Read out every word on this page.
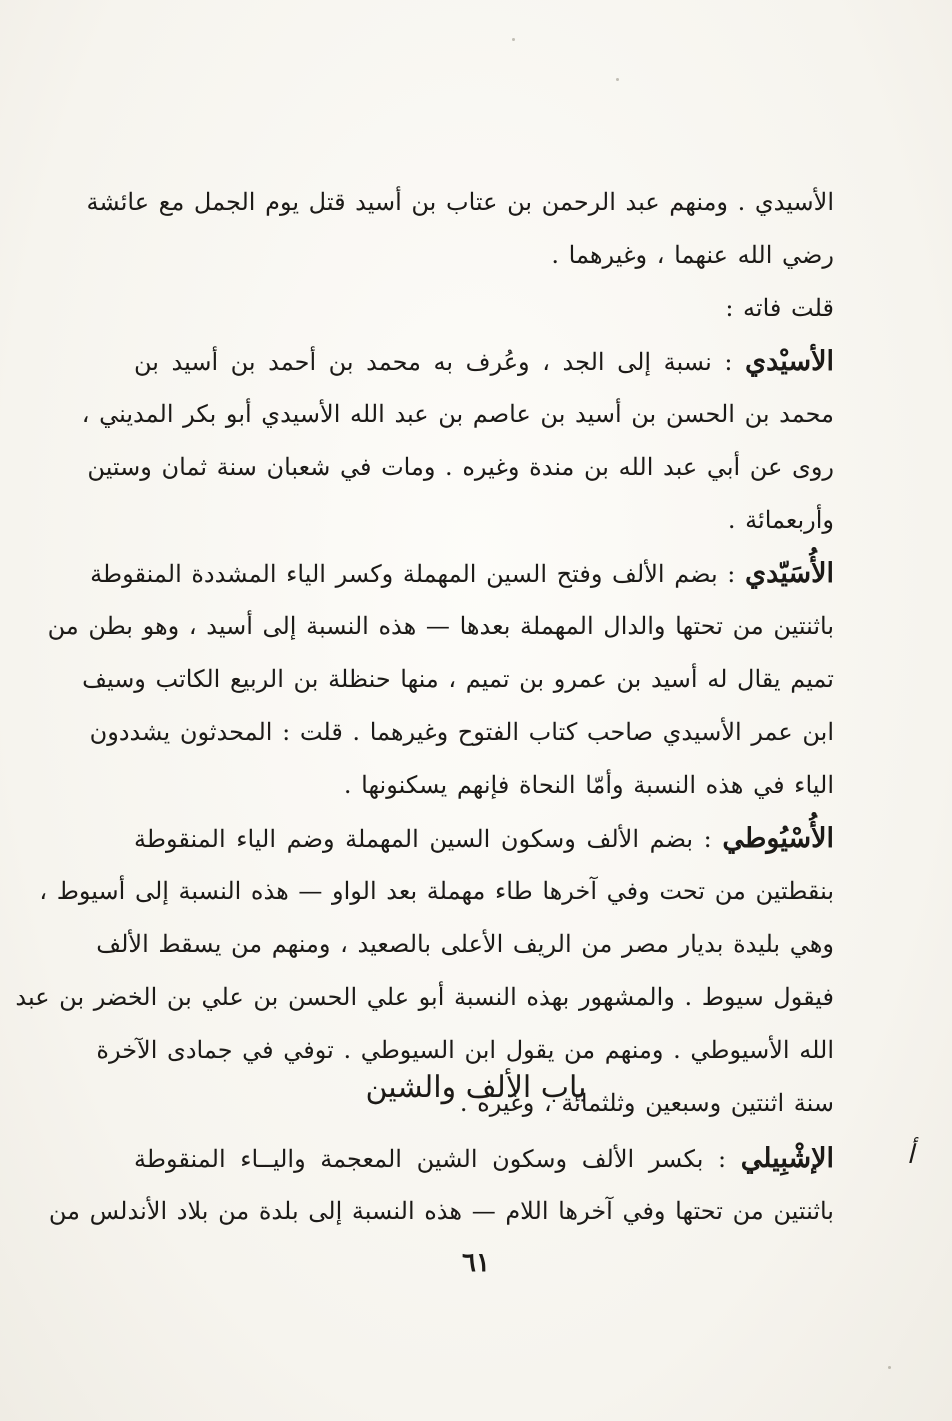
الأسيدي . ومنهم عبد الرحمن بن عتاب بن أسيد قتل يوم الجمل مع عائشة
رضي الله عنهما ، وغيرهما .
قلت فاته :
الأسيْدي : نسبة إلى الجد ، وعُرف به محمد بن أحمد بن أسيد بن
محمد بن الحسن بن أسيد بن عاصم بن عبد الله الأسيدي أبو بكر المديني ،
روى عن أبي عبد الله بن مندة وغيره . ومات في شعبان سنة ثمان وستين
وأربعمائة .
الأُسَيّدي : بضم الألف وفتح السين المهملة وكسر الياء المشددة المنقوطة
باثنتين من تحتها والدال المهملة بعدها — هذه النسبة إلى أسيد ، وهو بطن من
تميم يقال له أسيد بن عمرو بن تميم ، منها حنظلة بن الربيع الكاتب وسيف
ابن عمر الأسيدي صاحب كتاب الفتوح وغيرهما . قلت : المحدثون يشددون
الياء في هذه النسبة وأمّا النحاة فإنهم يسكنونها .
الأُسْيُوطي : بضم الألف وسكون السين المهملة وضم الياء المنقوطة
بنقطتين من تحت وفي آخرها طاء مهملة بعد الواو — هذه النسبة إلى أسيوط ،
وهي بليدة بديار مصر من الريف الأعلى بالصعيد ، ومنهم من يسقط الألف
فيقول سيوط . والمشهور بهذه النسبة أبو علي الحسن بن علي بن الخضر بن عبد
الله الأسيوطي . ومنهم من يقول ابن السيوطي . توفي في جمادى الآخرة
سنة اثنتين وسبعين وثلثمائة ، وغيره .
باب الألف والشين
أ
الإشْبِيلي : بكسر الألف وسكون الشين المعجمة واليــاء المنقوطة
باثنتين من تحتها وفي آخرها اللام — هذه النسبة إلى بلدة من بلاد الأندلس من
٦١
